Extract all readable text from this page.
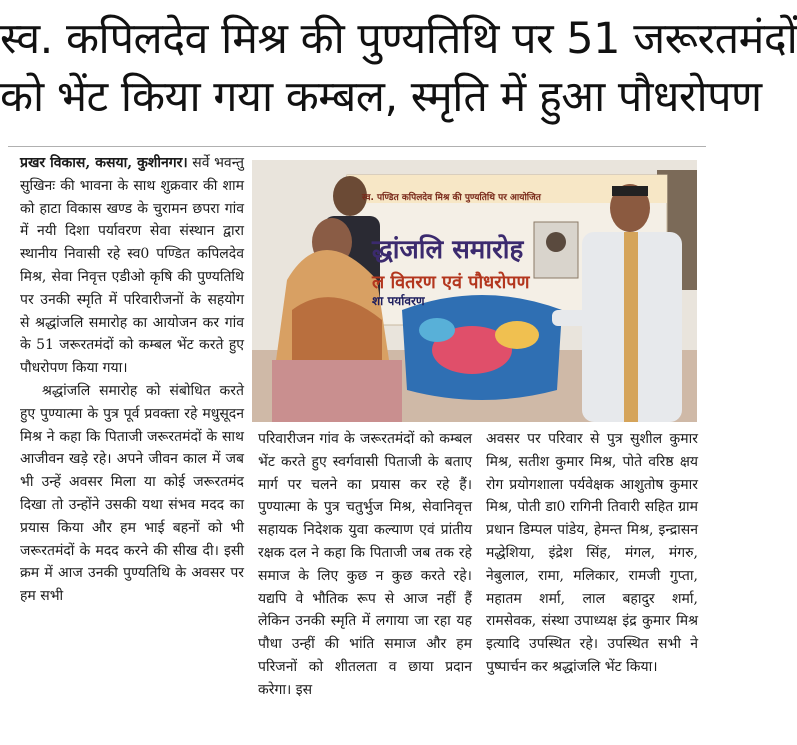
स्व. कपिलदेव मिश्र की पुण्यतिथि पर 51 जरूरतमंदों
को भेंट किया गया कम्बल, स्मृति में हुआ पौधरोपण

प्रखर विकास, कसया, कुशीनगर। सर्वे भवन्तु सुखिनः की भावना के साथ शुक्रवार की शाम को हाटा विकास खण्ड के चुरामन छपरा गांव में नयी दिशा पर्यावरण सेवा संस्थान द्वारा स्थानीय निवासी रहे स्व0 पण्डित कपिलदेव मिश्र, सेवा निवृत्त एडीओ कृषि की पुण्यतिथि पर उनकी स्मृति में परिवारीजनों के सहयोग से श्रद्धांजलि समारोह का आयोजन कर गांव के 51 जरूरतमंदों को कम्बल भेंट करते हुए पौधरोपण किया गया।

श्रद्धांजलि समारोह को संबोधित करते हुए पुण्यात्मा के पुत्र पूर्व प्रवक्ता रहे मधुसूदन मिश्र ने कहा कि पिताजी जरूरतमंदों के साथ आजीवन खड़े रहे। अपने जीवन काल में जब भी उन्हें अवसर मिला या कोई जरूरतमंद दिखा तो उन्होंने उसकी यथा संभव मदद का प्रयास किया और हम भाई बहनों को भी जरूरतमंदों के मदद करने की सीख दी। इसी क्रम में आज उनकी पुण्यतिथि के अवसर पर हम सभी

स्व. पण्डित कपिलदेव मिश्र की पुण्यतिथि पर आयोजित
द्धांजलि समारोह
ल वितरण एवं पौधरोपण
शा पर्यावरण

परिवारीजन गांव के जरूरतमंदों को कम्बल भेंट करते हुए स्वर्गवासी पिताजी के बताए मार्ग पर चलने का प्रयास कर रहे हैं। पुण्यात्मा के पुत्र चतुर्भुज मिश्र, सेवानिवृत्त सहायक निदेशक युवा कल्याण एवं प्रांतीय रक्षक दल ने कहा कि पिताजी जब तक रहे समाज के लिए कुछ न कुछ करते रहे। यद्यपि वे भौतिक रूप से आज नहीं हैं लेकिन उनकी स्मृति में लगाया जा रहा यह पौधा उन्हीं की भांति समाज और हम परिजनों को शीतलता व छाया प्रदान करेगा। इस

अवसर पर परिवार से पुत्र सुशील कुमार मिश्र, सतीश कुमार मिश्र, पोते वरिष्ठ क्षय रोग प्रयोगशाला पर्यवेक्षक आशुतोष कुमार मिश्र, पोती डा0 रागिनी तिवारी सहित ग्राम प्रधान डिम्पल पांडेय, हेमन्त मिश्र, इन्द्रासन मद्धेशिया, इंद्रेश सिंह, मंगल, मंगरु, नेबुलाल, रामा, मलिकार, रामजी गुप्ता, महातम शर्मा, लाल बहादुर शर्मा, रामसेवक, संस्था उपाध्यक्ष इंद्र कुमार मिश्र इत्यादि उपस्थित रहे। उपस्थित सभी ने पुष्पार्चन कर श्रद्धांजलि भेंट किया।
